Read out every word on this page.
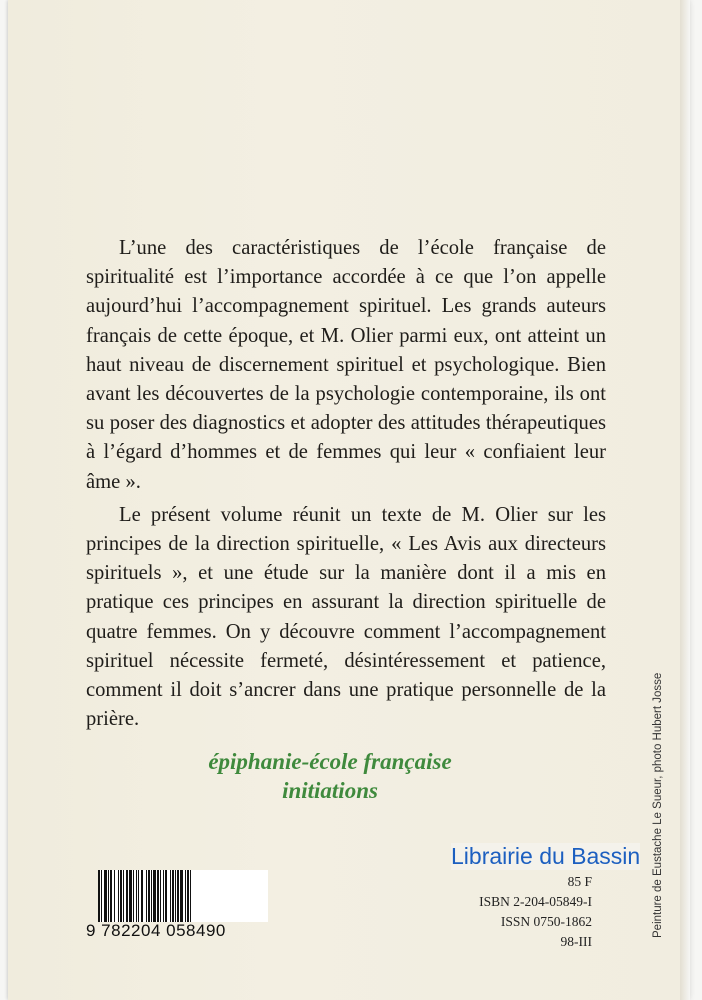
L’une des caractéristiques de l’école française de spiritualité est l’importance accordée à ce que l’on appelle aujourd’hui l’accompagnement spirituel. Les grands auteurs français de cette époque, et M. Olier parmi eux, ont atteint un haut niveau de discernement spirituel et psychologique. Bien avant les découvertes de la psychologie contemporaine, ils ont su poser des diagnostics et adopter des attitudes thérapeutiques à l’égard d’hommes et de femmes qui leur « confiaient leur âme ».

Le présent volume réunit un texte de M. Olier sur les principes de la direction spirituelle, « Les Avis aux directeurs spirituels », et une étude sur la manière dont il a mis en pratique ces principes en assurant la direction spirituelle de quatre femmes. On y découvre comment l’accompagnement spirituel nécessite fermeté, désintéressement et patience, comment il doit s’ancrer dans une pratique personnelle de la prière.

épiphanie-école française
initiations	Peinture de Eustache Le Sueur, photo Hubert Josse
Librairie du Bassin
85 F
ISBN 2-204-05849-I
ISSN 0750-1862
98-III
9 782204 058490
